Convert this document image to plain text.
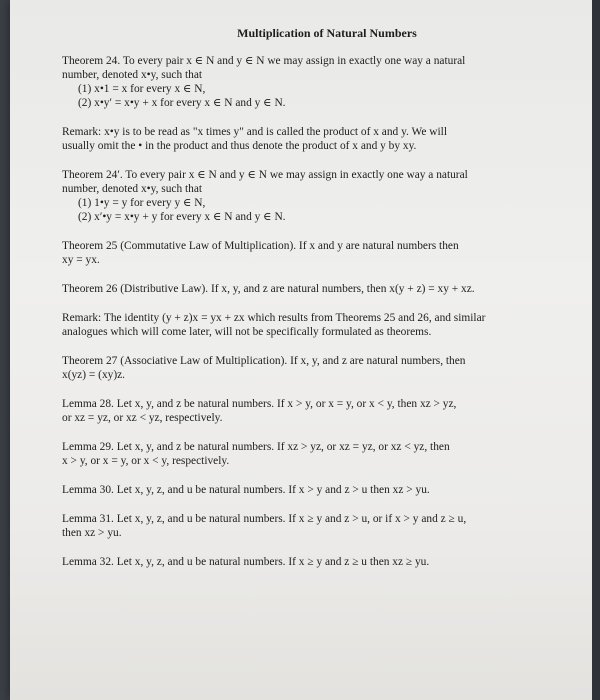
Multiplication of Natural Numbers
Theorem 24. To every pair x ∈ N and y ∈ N we may assign in exactly one way a natural
number, denoted x•y, such that
(1) x•1 = x for every x ∈ N,
(2) x•y′ = x•y + x for every x ∈ N and y ∈ N.
Remark: x•y is to be read as "x times y" and is called the product of x and y. We will
usually omit the • in the product and thus denote the product of x and y by xy.
Theorem 24′. To every pair x ∈ N and y ∈ N we may assign in exactly one way a natural
number, denoted x•y, such that
(1) 1•y = y for every y ∈ N,
(2) x′•y = x•y + y for every x ∈ N and y ∈ N.
Theorem 25 (Commutative Law of Multiplication). If x and y are natural numbers then
xy = yx.
Theorem 26 (Distributive Law). If x, y, and z are natural numbers, then x(y + z) = xy + xz.
Remark: The identity (y + z)x = yx + zx which results from Theorems 25 and 26, and similar
analogues which will come later, will not be specifically formulated as theorems.
Theorem 27 (Associative Law of Multiplication). If x, y, and z are natural numbers, then
x(yz) = (xy)z.
Lemma 28. Let x, y, and z be natural numbers. If x > y, or x = y, or x < y, then xz > yz,
or xz = yz, or xz < yz, respectively.
Lemma 29. Let x, y, and z be natural numbers. If xz > yz, or xz = yz, or xz < yz, then
x > y, or x = y, or x < y, respectively.
Lemma 30. Let x, y, z, and u be natural numbers. If x > y and z > u then xz > yu.
Lemma 31. Let x, y, z, and u be natural numbers. If x ≥ y and z > u, or if x > y and z ≥ u,
then xz > yu.
Lemma 32. Let x, y, z, and u be natural numbers. If x ≥ y and z ≥ u then xz ≥ yu.
